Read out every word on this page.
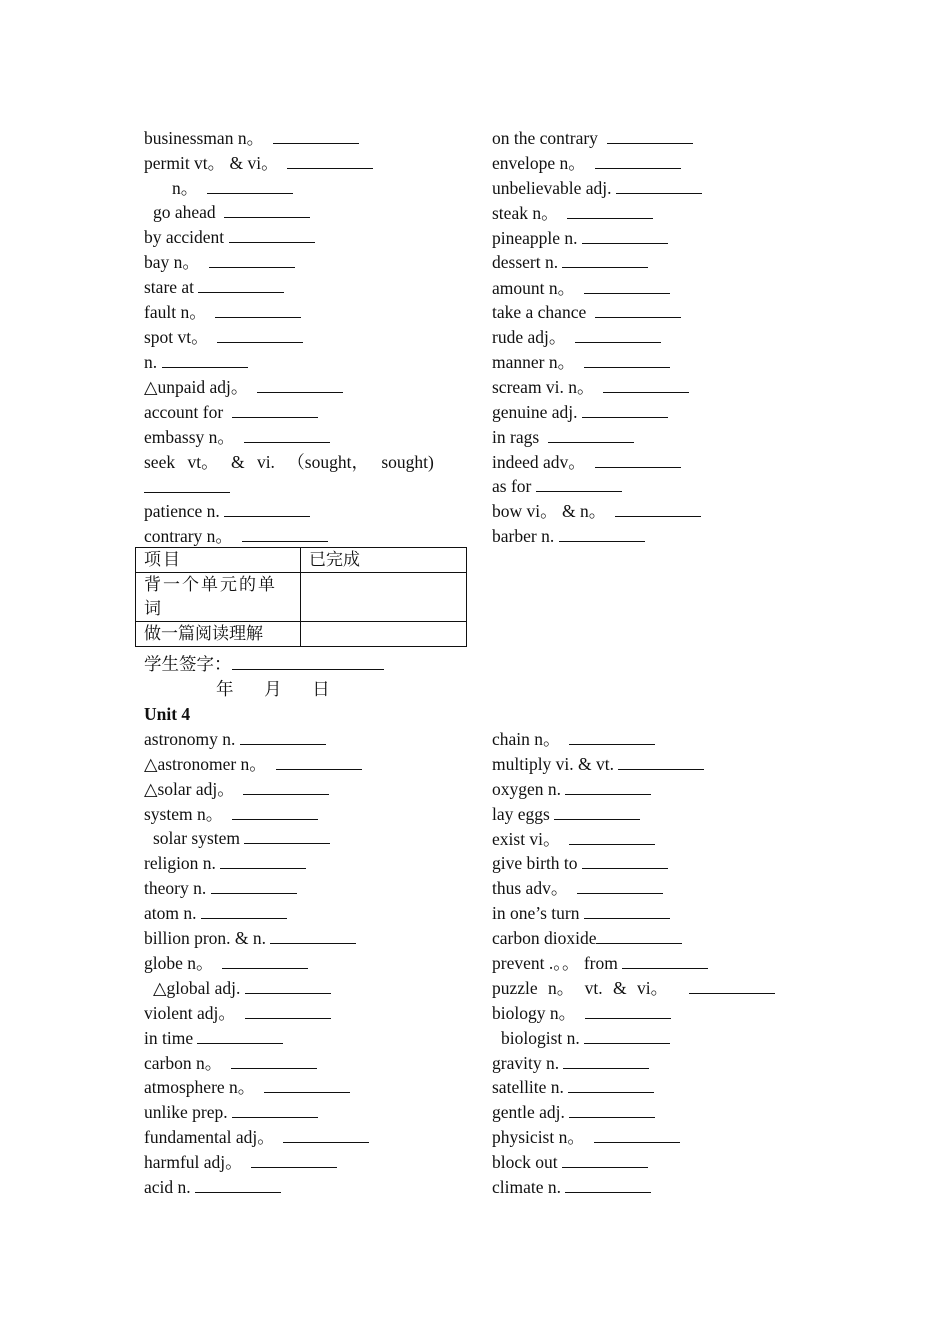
businessman n。
permit vt。 & vi。
n。
go ahead
by accident
bay n。
stare at
fault n。
spot vt。
n.
△unpaid adj。
account for
embassy n。
seek vt。 & vi. （sought， sought)
patience n.
contrary n。
on the contrary
envelope n。
unbelievable adj.
steak n。
pineapple n.
dessert n.
amount n。
take a chance
rude adj。
manner n。
scream vi. n。
genuine adj.
in rags
indeed adv。
as for
bow vi。 & n。
barber n.
项目	已完成
背一个单元的单词	
做一篇阅读理解	
学生签字：
年 月 日
Unit 4
astronomy n.
△astronomer n。
△solar adj。
system n。
solar system
religion n.
theory n.
atom n.
billion pron. & n.
globe n。
△global adj.
violent adj。
in time
carbon n。
atmosphere n。
unlike prep.
fundamental adj。
harmful adj。
acid n.
chain n。
multiply vi. & vt.
oxygen n.
lay eggs
exist vi。
give birth to
thus adv。
in one’s turn
carbon dioxide
prevent .。。 from
puzzle n。 vt. & vi。
biology n。
biologist n.
gravity n.
satellite n.
gentle adj.
physicist n。
block out
climate n.
